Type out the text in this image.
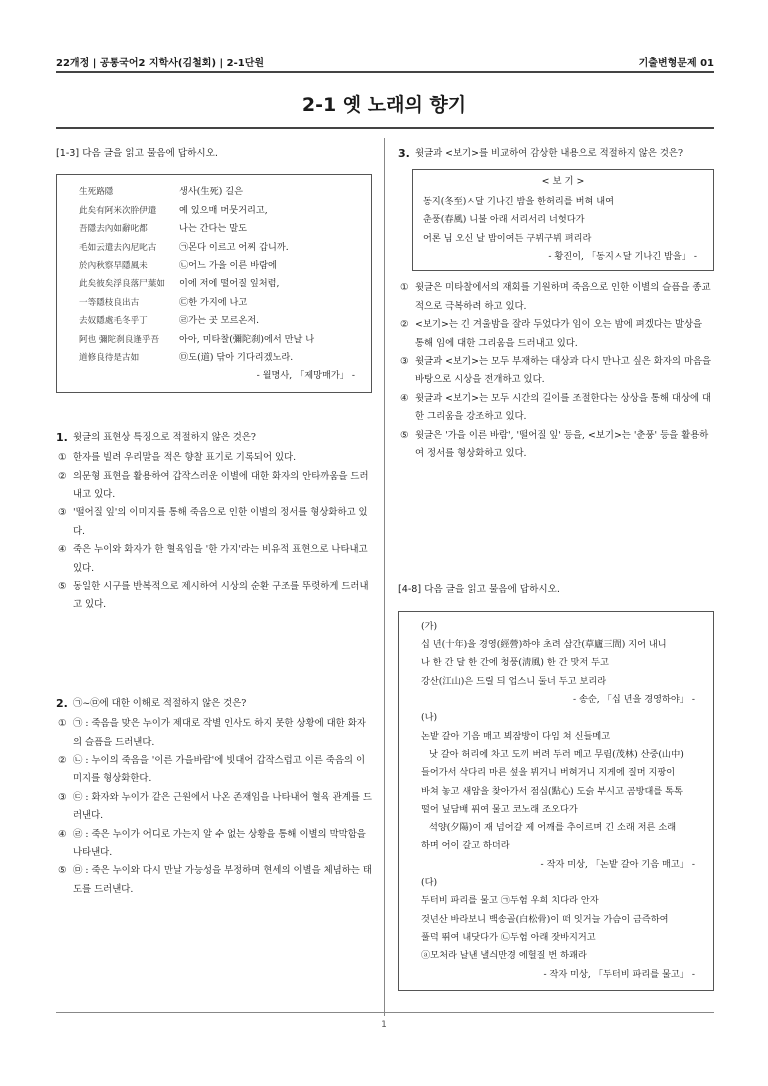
22개정 | 공통국어2 지학사(김철회) | 2-1단원	기출변형문제 01
2-1 옛 노래의 향기
[1-3] 다음 글을 읽고 물음에 답하시오.
生死路隱	생사(生死) 길은
此矣有阿米次肸伊遣	예 있으매 머뭇거리고,
吾隱去內如辭叱都	나는 간다는 말도
毛如云遣去內尼叱古	㉠몬다 이르고 어찌 갑니까.
於內秋察早隱風未	㉡어느 가을 이른 바람에
此矣彼矣浮良落尸葉如	이에 저에 떨어질 잎처럼,
一等隱枝良出古	㉢한 가지에 나고
去奴隱處毛冬乎丁	㉣가는 곳 모르온저.
阿也 彌陀刹良逢乎吾	아아, 미타찰(彌陀刹)에서 만날 나
道修良待是古如	㉤도(道) 닦아 기다리겠노라.
- 월명사, 「제망매가」 -
1. 윗글의 표현상 특징으로 적절하지 않은 것은?
① 한자를 빌려 우리말을 적은 향찰 표기로 기록되어 있다.
② 의문형 표현을 활용하여 갑작스러운 이별에 대한 화자의 안타까움을 드러내고 있다.
③ '떨어질 잎'의 이미지를 통해 죽음으로 인한 이별의 정서를 형상화하고 있다.
④ 죽은 누이와 화자가 한 혈육임을 '한 가지'라는 비유적 표현으로 나타내고 있다.
⑤ 동일한 시구를 반복적으로 제시하여 시상의 순환 구조를 뚜렷하게 드러내고 있다.
2. ㉠~㉤에 대한 이해로 적절하지 않은 것은?
① ㉠ : 죽음을 맞은 누이가 제대로 작별 인사도 하지 못한 상황에 대한 화자의 슬픔을 드러낸다.
② ㉡ : 누이의 죽음을 '이른 가을바람'에 빗대어 갑작스럽고 이른 죽음의 이미지를 형상화한다.
③ ㉢ : 화자와 누이가 같은 근원에서 나온 존재임을 나타내어 혈육 관계를 드러낸다.
④ ㉣ : 죽은 누이가 어디로 가는지 알 수 없는 상황을 통해 이별의 막막함을 나타낸다.
⑤ ㉤ : 죽은 누이와 다시 만날 가능성을 부정하며 현세의 이별을 체념하는 태도를 드러낸다.
3. 윗글과 <보기>를 비교하여 감상한 내용으로 적절하지 않은 것은?
< 보 기 >
동지(冬至)ㅅ달 기나긴 밤을 한허리를 버혀 내여
춘풍(春風) 니불 아래 서리서리 너헛다가
어론 님 오신 날 밤이여든 구뷔구뷔 펴리라
- 황진이, 「동지ㅅ달 기나긴 밤을」 -
① 윗글은 미타찰에서의 재회를 기원하며 죽음으로 인한 이별의 슬픔을 종교적으로 극복하려 하고 있다.
② <보기>는 긴 겨울밤을 잘라 두었다가 임이 오는 밤에 펴겠다는 발상을 통해 임에 대한 그리움을 드러내고 있다.
③ 윗글과 <보기>는 모두 부재하는 대상과 다시 만나고 싶은 화자의 마음을 바탕으로 시상을 전개하고 있다.
④ 윗글과 <보기>는 모두 시간의 길이를 조절한다는 상상을 통해 대상에 대한 그리움을 강조하고 있다.
⑤ 윗글은 '가을 이른 바람', '떨어질 잎' 등을, <보기>는 '춘풍' 등을 활용하여 정서를 형상화하고 있다.
[4-8] 다음 글을 읽고 물음에 답하시오.
(가)
십 년(十年)을 경영(經營)하야 초려 삼간(草廬三間) 지어 내니
나 한 간 달 한 간에 청풍(淸風) 한 간 맛저 두고
강산(江山)은 드릴 듸 업스니 둘너 두고 보리라
- 송순, 「십 년을 경영하야」 -
(나)
논밭 갈아 기음 매고 뵈잠방이 다임 쳐 신들메고
낫 갈아 허리에 차고 도끼 버려 두러 메고 무림(茂林) 산중(山中)
들어가서 삭다리 마른 섶을 뷔거니 버혀거니 지게에 질머 지팡이
바쳐 놓고 새암을 찾아가서 점심(點心) 도슭 부시고 곰방대를 톡톡
떨어 닢담배 퓌여 물고 코노래 조오다가
석양(夕陽)이 재 넘어갈 제 어깨를 추이르며 긴 소래 저른 소래
하며 어이 갈고 하더라
- 작자 미상, 「논밭 갈아 기음 매고」 -
(다)
두터비 파리를 물고 ㉠두험 우희 치다라 안자
것넌산 바라보니 백송골(白松骨)이 떠 잇거늘 가슴이 금즉하여
풀덕 뛰여 내닷다가 ㉡두험 아래 잣바지거고
ⓐ모처라 날낸 낼싀만경 에헐질 번 하괘라
- 작자 미상, 「두터비 파리를 물고」 -
1
